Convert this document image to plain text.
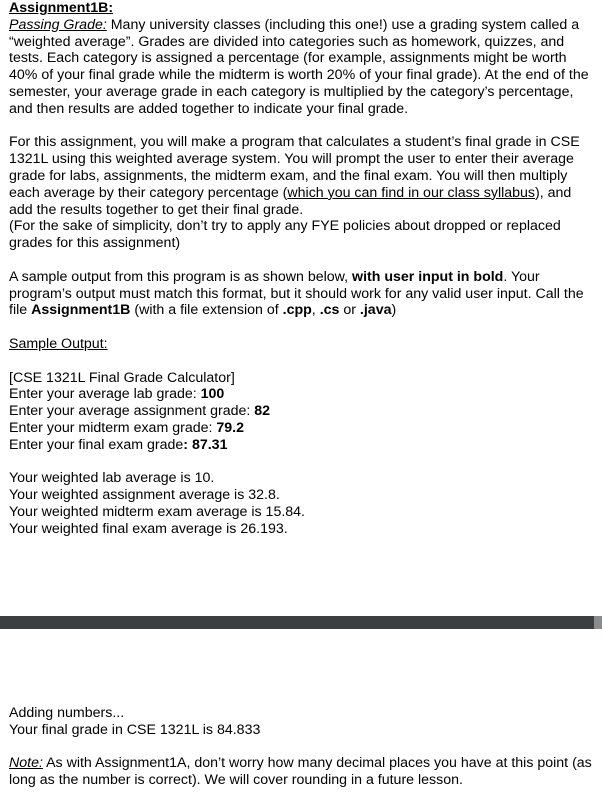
Assignment1B:

Passing Grade: Many university classes (including this one!) use a grading system called a “weighted average”. Grades are divided into categories such as homework, quizzes, and tests. Each category is assigned a percentage (for example, assignments might be worth 40% of your final grade while the midterm is worth 20% of your final grade). At the end of the semester, your average grade in each category is multiplied by the category’s percentage, and then results are added together to indicate your final grade.

For this assignment, you will make a program that calculates a student’s final grade in CSE 1321L using this weighted average system. You will prompt the user to enter their average grade for labs, assignments, the midterm exam, and the final exam. You will then multiply each average by their category percentage (which you can find in our class syllabus), and add the results together to get their final grade.

(For the sake of simplicity, don’t try to apply any FYE policies about dropped or replaced grades for this assignment)

A sample output from this program is as shown below, with user input in bold. Your program’s output must match this format, but it should work for any valid user input. Call the file Assignment1B (with a file extension of .cpp, .cs or .java)

Sample Output:
[CSE 1321L Final Grade Calculator]
Enter your average lab grade: 100
Enter your average assignment grade: 82
Enter your midterm exam grade: 79.2
Enter your final exam grade: 87.31
Your weighted lab average is 10.
Your weighted assignment average is 32.8.
Your weighted midterm exam average is 15.84.
Your weighted final exam average is 26.193.
Adding numbers...
Your final grade in CSE 1321L is 84.833

Note: As with Assignment1A, don’t worry how many decimal places you have at this point (as long as the number is correct). We will cover rounding in a future lesson.
